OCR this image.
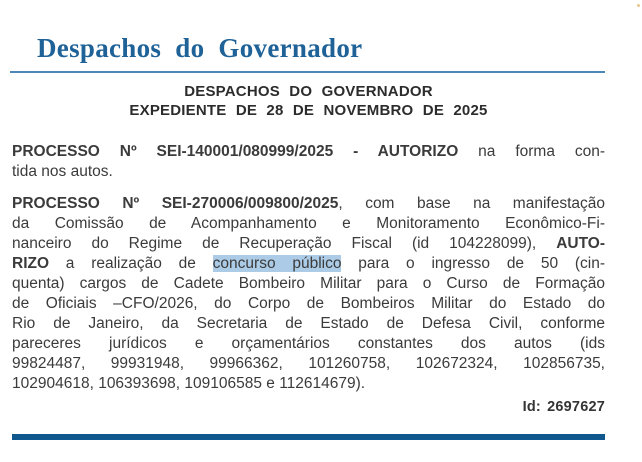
Despachos do Governador
DESPACHOS DO GOVERNADOR
EXPEDIENTE DE 28 DE NOVEMBRO DE 2025
PROCESSO Nº SEI-140001/080999/2025 - AUTORIZO na forma con-
tida nos autos.
PROCESSO Nº SEI-270006/009800/2025, com base na manifestação
da Comissão de Acompanhamento e Monitoramento Econômico-Fi-
nanceiro do Regime de Recuperação Fiscal (id 104228099), AUTO-
RIZO a realização de concurso público para o ingresso de 50 (cin-
quenta) cargos de Cadete Bombeiro Militar para o Curso de Formação
de Oficiais –CFO/2026, do Corpo de Bombeiros Militar do Estado do
Rio de Janeiro, da Secretaria de Estado de Defesa Civil, conforme
pareceres jurídicos e orçamentários constantes dos autos (ids
99824487, 99931948, 99966362, 101260758, 102672324, 102856735,
102904618, 106393698, 109106585 e 112614679).
Id: 2697627
